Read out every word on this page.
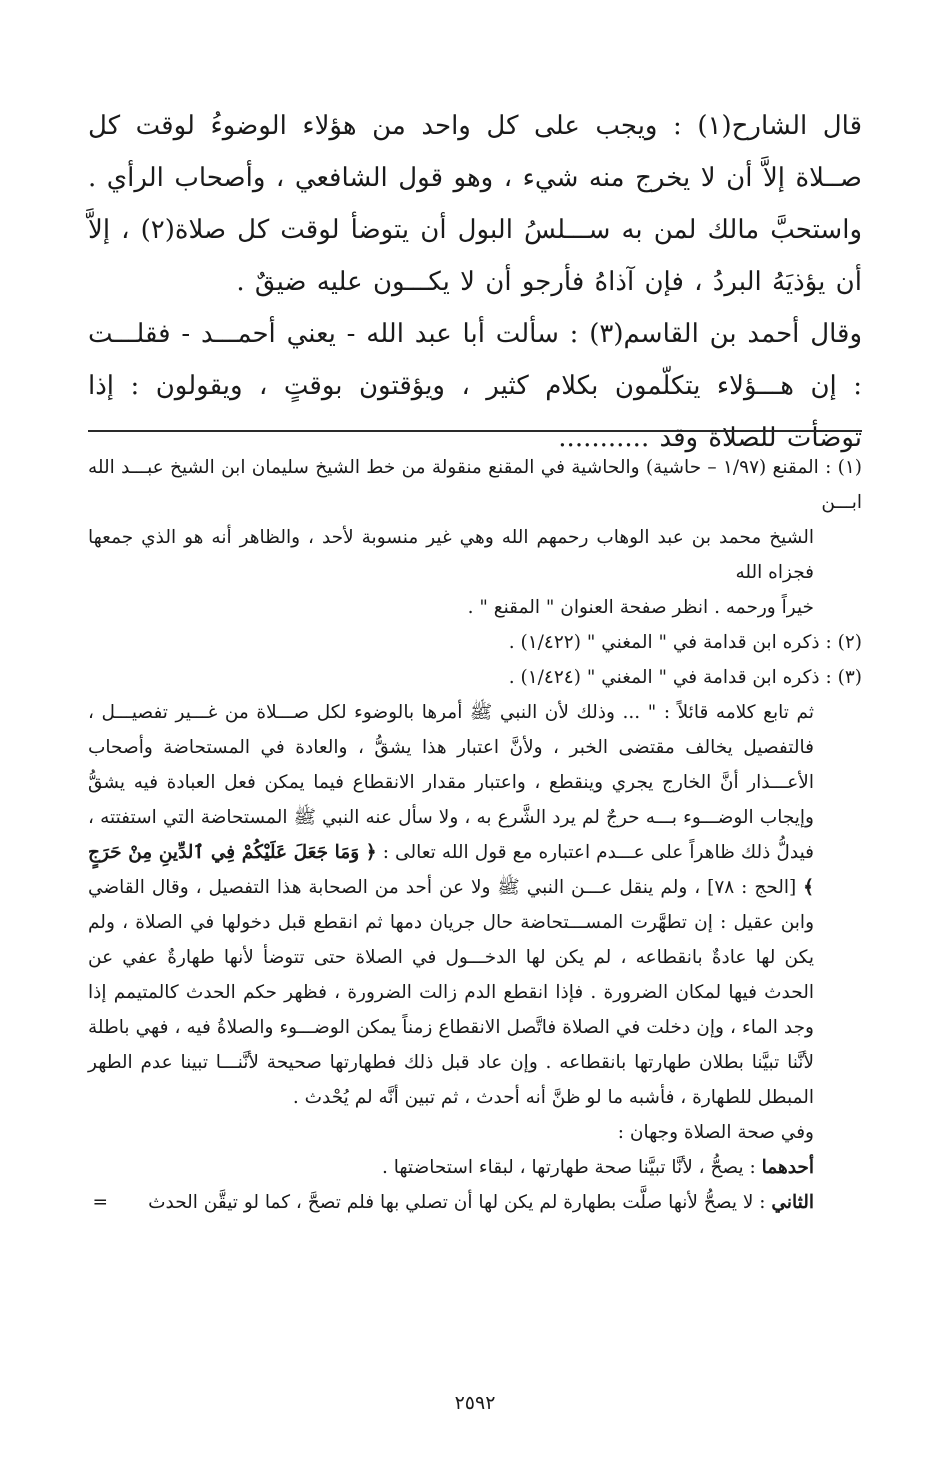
قال الشارح(١) : ويجب على كل واحد من هؤلاء الوضوءُ لوقت كل صــلاة إلاَّ أن لا يخرج منه شيء ، وهو قول الشافعي ، وأصحاب الرأي . واستحبَّ مالك لمن به ســـلسُ البول أن يتوضأ لوقت كل صلاة(٢) ، إلاَّ أن يؤذيَهُ البردُ ، فإن آذاهُ فأرجو أن لا يكـــون عليه ضيقٌ .

وقال أحمد بن القاسم(٣) : سألت أبا عبد الله - يعني أحمـــد - فقلـــت : إن هـــؤلاء يتكلّمون بكلام كثير ، ويؤقتون بوقتٍ ، ويقولون : إذا توضأت للصلاة وقد ...........

(١) : المقنع (١/٩٧ – حاشية) والحاشية في المقنع منقولة من خط الشيخ سليمان ابن الشيخ عبـــد الله ابـــن

الشيخ محمد بن عبد الوهاب رحمهم الله وهي غير منسوبة لأحد ، والظاهر أنه هو الذي جمعها فجزاه الله

خيراً ورحمه . انظر صفحة العنوان " المقنع " .

(٢) : ذكره ابن قدامة في " المغني " (١/٤٢٢) .

(٣) : ذكره ابن قدامة في " المغني " (١/٤٢٤) .

ثم تابع كلامه قائلاً : " ... وذلك لأن النبي ﷺ أمرها بالوضوء لكل صـــلاة من غـــير تفصيـــل ، فالتفصيل يخالف مقتضى الخبر ، ولأنَّ اعتبار هذا يشقُّ ، والعادة في المستحاضة وأصحاب الأعـــذار أنَّ الخارج يجري وينقطع ، واعتبار مقدار الانقطاع فيما يمكن فعل العبادة فيه يشقُّ وإيجاب الوضـــوء بـــه حرجٌ لم يرد الشَّرع به ، ولا سأل عنه النبي ﷺ المستحاضة التي استفتته ، فيدلُّ ذلك ظاهراً على عـــدم اعتباره مع قول الله تعالى : ﴿ وَمَا جَعَلَ عَلَيْكُمْ فِي ٱلدِّينِ مِنْ حَرَجٍ ﴾ [الحج : ٧٨] ، ولم ينقل عـــن النبي ﷺ ولا عن أحد من الصحابة هذا التفصيل ، وقال القاضي وابن عقيل : إن تطهَّرت المســـتحاضة حال جريان دمها ثم انقطع قبل دخولها في الصلاة ، ولم يكن لها عادةٌ بانقطاعه ، لم يكن لها الدخـــول في الصلاة حتى تتوضأ لأنها طهارةٌ عفي عن الحدث فيها لمكان الضرورة . فإذا انقطع الدم زالت الضرورة ، فظهر حكم الحدث كالمتيمم إذا وجد الماء ، وإن دخلت في الصلاة فاتَّصل الانقطاع زمناً يمكن الوضـــوء والصلاةُ فيه ، فهي باطلة لأنَّنا تبيَّنا بطلان طهارتها بانقطاعه . وإن عاد قبل ذلك فطهارتها صحيحة لأنَّنـــا تبينا عدم الطهر المبطل للطهارة ، فأشبه ما لو ظنَّ أنه أحدث ، ثم تبين أنَّه لم يُحْدث .

وفي صحة الصلاة وجهان :

أحدهما : يصحُّ ، لأنَّا تبيَّنا صحة طهارتها ، لبقاء استحاضتها .

الثاني : لا يصحُّ لأنها صلَّت بطهارة لم يكن لها أن تصلي بها فلم تصحَّ ، كما لو تيقَّن الحدث=

٢٥٩٢
